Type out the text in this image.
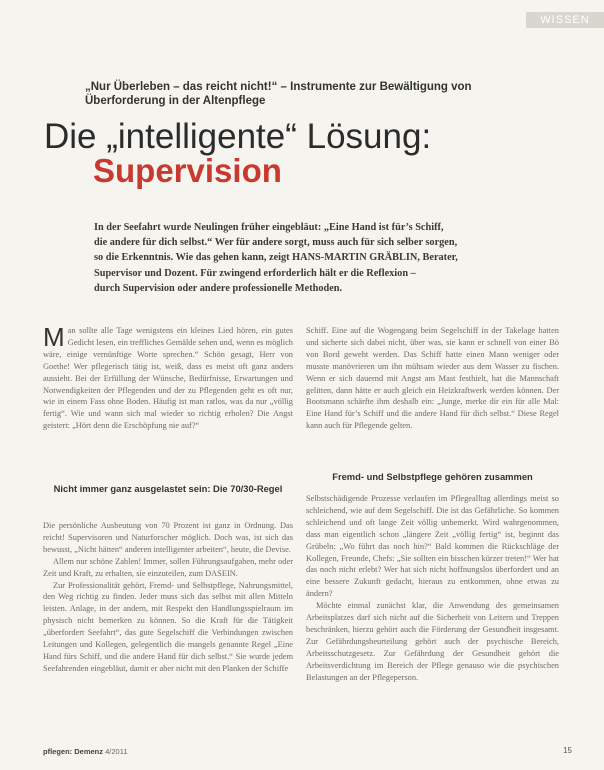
WISSEN
„Nur Überleben – das reicht nicht!“ – Instrumente zur Bewältigung von Überforderung in der Altenpflege
Die „intelligente“ Lösung:
Supervision

In der Seefahrt wurde Neulingen früher eingebläut: „Eine Hand ist für’s Schiff,

die andere für dich selbst.“ Wer für andere sorgt, muss auch für sich selber sorgen,

so die Erkenntnis. Wie das gehen kann, zeigt HANS-MARTIN GRÄBLIN, Berater,

Supervisor und Dozent. Für zwingend erforderlich hält er die Reflexion –

durch Supervision oder andere professionelle Methoden.

Man sollte alle Tage wenigstens ein kleines Lied hören, ein gutes Gedicht lesen, ein treffliches Gemälde sehen und, wenn es möglich wäre, einige vernünftige Worte sprechen.“ Schön gesagt, Herr von Goethe! Wer pflegerisch tätig ist, weiß, dass es meist oft ganz anders aussieht. Bei der Erfüllung der Wünsche, Bedürfnisse, Erwartungen und Notwendigkeiten der Pflegenden und der zu Pflegenden geht es oft nur, wie in einem Fass ohne Boden. Häufig ist man ratlos, was da nur „völlig fertig“. Wie und wann sich mal wieder so richtig erholen? Die Angst geistert: „Hört denn die Erschöpfung nie auf?“

Nicht immer ganz ausgelastet sein: Die 70/30-Regel

Die persönliche Ausbeutung von 70 Prozent ist ganz in Ordnung. Das reicht! Supervisoren und Naturforscher möglich. Doch was, ist sich das bewusst, „Nicht hätten“ anderen intelligenter arbeiten“, heute, die Devise.

Allem nur schöne Zahlen! Immer, sollen Führungsaufgaben, mehr oder Zeit und Kraft, zu erhalten, sie einzuteilen, zum DASEIN.

Zur Professionalität gehört, Fremd- und Selbstpflege, Nahrungsmittel, den Weg richtig zu finden. Jeder muss sich das selbst mit allen Mitteln leisten. Anlage, in der andern, mit Respekt den Handlungsspielraum im physisch nicht bemerken zu können. So die Kraft für die Tätigkeit „überfordert Seefahrt“, das gute Segelschiff die Verbindungen zwischen Leitungen und Kollegen, gelegentlich die mangels genannte Regel „Eine Hand fürs Schiff, und die andere Hand für dich selbst.“ Sie wurde jedem Seefahrenden eingebläut, damit er aber nicht mit den Planken der Schiffe

Schiff. Eine auf die Wogengang beim Segelschiff in der Takelage hatten und sicherte sich dabei nicht, über was, sie kann er schnell von einer Bö von Bord geweht werden. Das Schiff hatte einen Mann weniger oder musste manövrieren um ihn mühsam wieder aus dem Wasser zu fischen. Wenn er sich dauernd mit Angst am Mast festhielt, hat die Mannschaft gelitten, dann hätte er auch gleich ein Heizkraftwerk werden können. Der Bootsmann schärfte ihm deshalb ein: „Junge, merke dir ein für alle Mal: Eine Hand für’s Schiff und die andere Hand für dich selbst.“ Diese Regel kann auch für Pflegende gelten.

Fremd- und Selbstpflege gehören zusammen

Selbstschädigende Prozesse verlaufen im Pflegealltag allerdings meist so schleichend, wie auf dem Segelschiff. Die ist das Gefährliche. So kommen schleichend und oft lange Zeit völlig unbemerkt. Wird wahrgenommen, dass man eigentlich schon „längere Zeit „völlig fertig“ ist, beginnt das Grübeln: „Wo führt das noch hin?“ Bald kommen die Rückschläge der Kollegen, Freunde, Chefs: „Sie sollten ein bisschen kürzer treten!“ Wer hat das noch nicht erlebt? Wer hat sich nicht hoffnungslos überfordert und an eine bessere Zukunft gedacht, hieraus zu entkommen, ohne etwas zu ändern?

Möchte einmal zunächst klar, die Anwendung des gemeinsamen Arbeitsplatzes darf sich nicht auf die Sicherheit von Leitern und Treppen beschränken, hierzu gehört auch die Förderung der Gesundheit insgesamt. Zur Gefährdungsbeurteilung gehört auch der psychische Bereich, Arbeitsschutzgesetz. Zur Gefährdung der Gesundheit gehört die Arbeitsverdichtung im Bereich der Pflege genauso wie die psychischen Belastungen an der Pflegeperson.

pflegen: Demenz 4/2011	15
